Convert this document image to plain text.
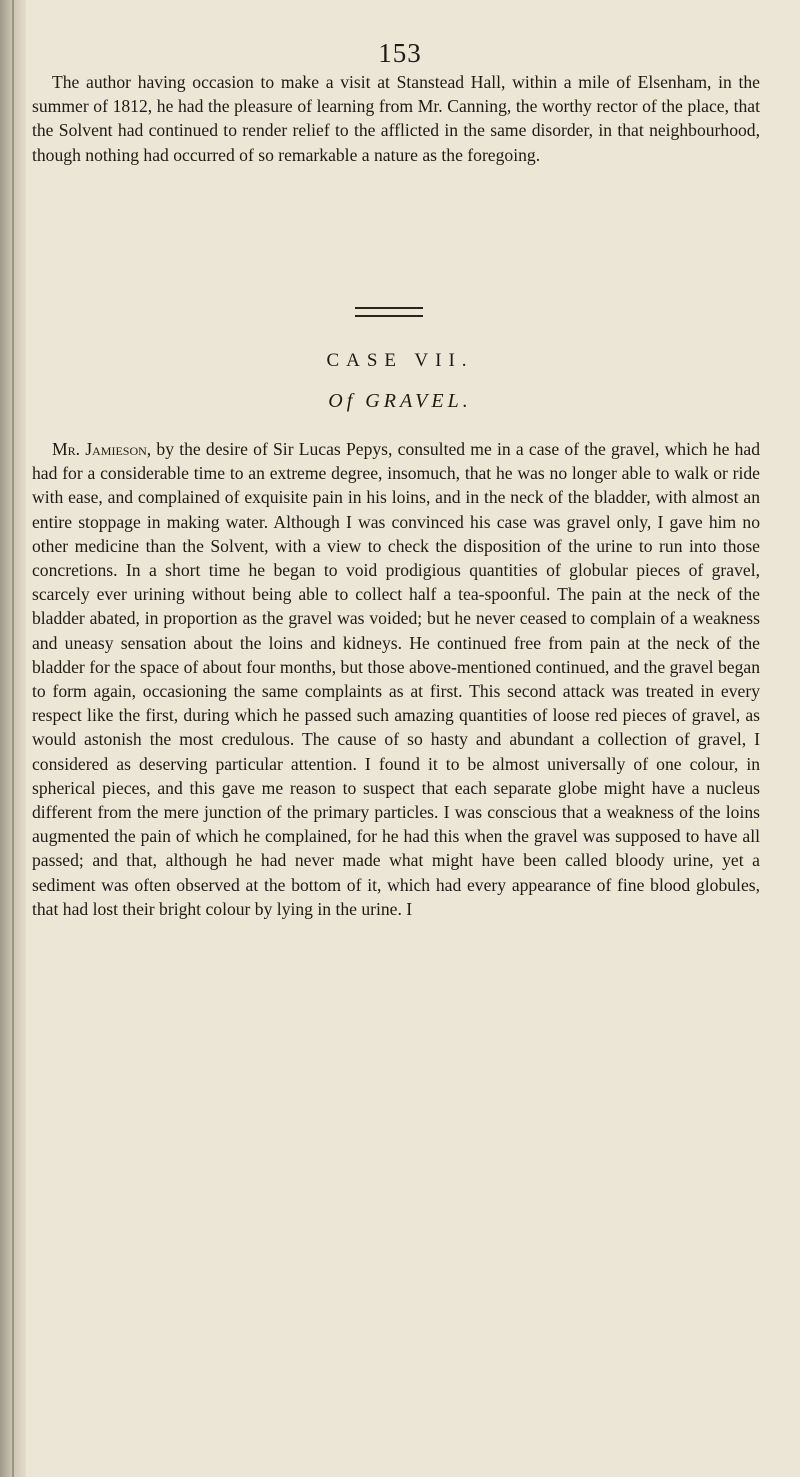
153

The author having occasion to make a visit at Stanstead Hall, within a mile of Elsenham, in the summer of 1812, he had the pleasure of learning from Mr. Canning, the worthy rector of the place, that the Solvent had continued to render relief to the afflicted in the same disorder, in that neighbourhood, though nothing had occurred of so remarkable a nature as the foregoing.

CASE VII.
Of GRAVEL.

Mr. Jamieson, by the desire of Sir Lucas Pepys, consulted me in a case of the gravel, which he had had for a considerable time to an extreme degree, insomuch, that he was no longer able to walk or ride with ease, and complained of exquisite pain in his loins, and in the neck of the bladder, with almost an entire stoppage in making water. Although I was convinced his case was gravel only, I gave him no other medicine than the Solvent, with a view to check the disposition of the urine to run into those concretions. In a short time he began to void prodigious quantities of globular pieces of gravel, scarcely ever urining without being able to collect half a tea-spoonful. The pain at the neck of the bladder abated, in proportion as the gravel was voided; but he never ceased to complain of a weakness and uneasy sensation about the loins and kidneys. He continued free from pain at the neck of the bladder for the space of about four months, but those above-mentioned continued, and the gravel began to form again, occasioning the same complaints as at first. This second attack was treated in every respect like the first, during which he passed such amazing quantities of loose red pieces of gravel, as would astonish the most credulous. The cause of so hasty and abundant a collection of gravel, I considered as deserving particular attention. I found it to be almost universally of one colour, in spherical pieces, and this gave me reason to suspect that each separate globe might have a nucleus different from the mere junction of the primary particles. I was conscious that a weakness of the loins augmented the pain of which he complained, for he had this when the gravel was supposed to have all passed; and that, although he had never made what might have been called bloody urine, yet a sediment was often observed at the bottom of it, which had every appearance of fine blood globules, that had lost their bright colour by lying in the urine. I
